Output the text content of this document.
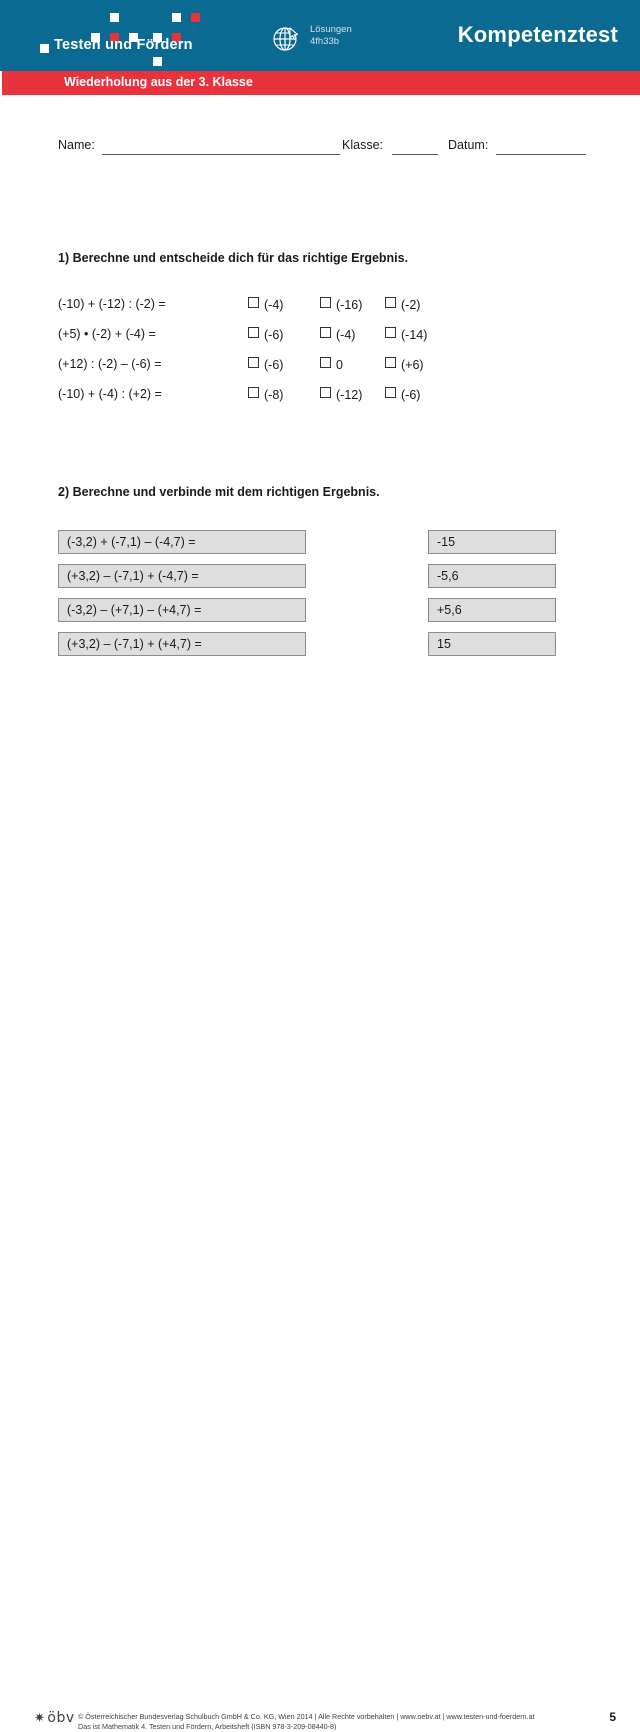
Testen und Fördern
Lösungen
4fh33b	Kompetenztest
Wiederholung aus der 3. Klasse
Name:	Klasse:	Datum:
1) Berechne und entscheide dich für das richtige Ergebnis.
(-10) + (-12) : (-2) =	(-4)	(-16)	(-2)
(+5) • (-2) + (-4) =	(-6)	(-4)	(-14)
(+12) : (-2) – (-6) =	(-6)	0	(+6)
(-10) + (-4) : (+2) =	(-8)	(-12)	(-6)
2) Berechne und verbinde mit dem richtigen Ergebnis.
(-3,2) + (-7,1) – (-4,7) =	-15
(+3,2) – (-7,1) + (-4,7) =	-5,6
(-3,2) – (+7,1) – (+4,7) =	+5,6
(+3,2) – (-7,1) + (+4,7) =	15
✷ öbv © Österreichischer Bundesverlag Schulbuch GmbH & Co. KG, Wien 2014 | Alle Rechte vorbehalten | www.oebv.at | www.testen-und-foerdern.at
Das ist Mathematik 4. Testen und Fördern, Arbeitsheft (ISBN 978-3-209-08440-8)
5
